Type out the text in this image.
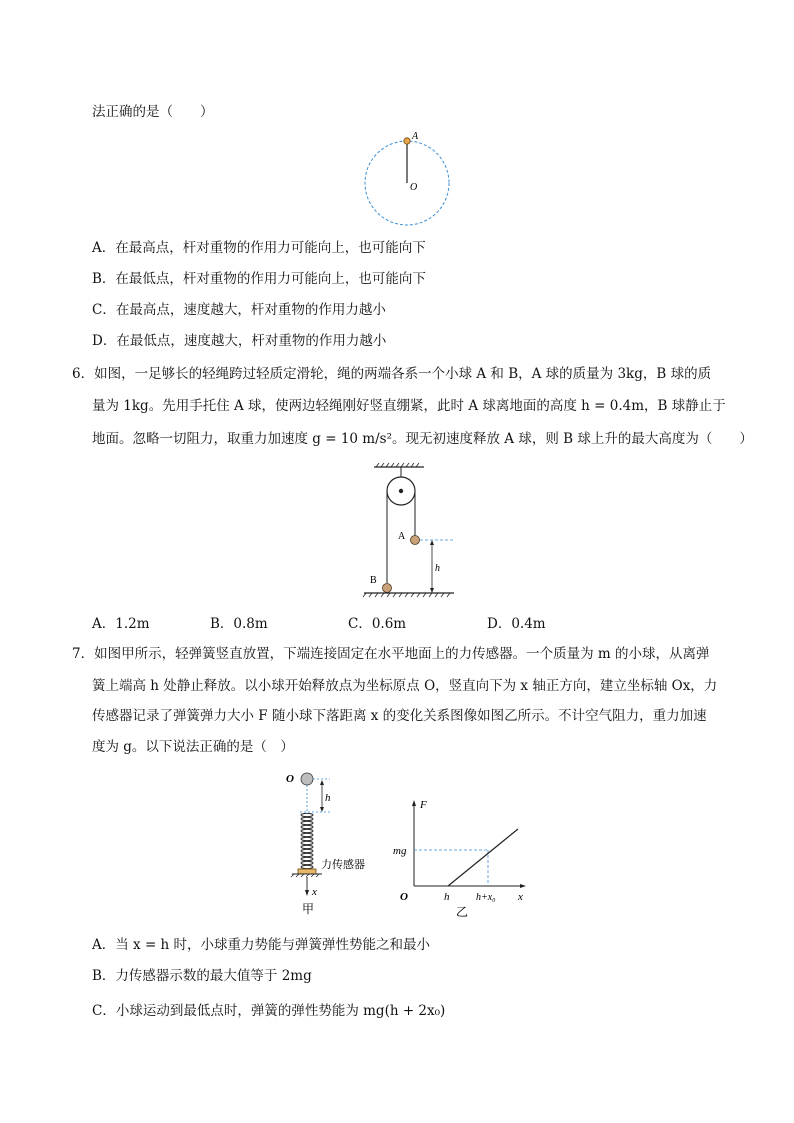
法正确的是（　　）
A
O
A．在最高点，杆对重物的作用力可能向上，也可能向下
B．在最低点，杆对重物的作用力可能向上，也可能向下
C．在最高点，速度越大，杆对重物的作用力越小
D．在最低点，速度越大，杆对重物的作用力越小
6．如图，一足够长的轻绳跨过轻质定滑轮，绳的两端各系一个小球 A 和 B，A 球的质量为 3kg，B 球的质
量为 1kg。先用手托住 A 球，使两边轻绳刚好竖直绷紧，此时 A 球离地面的高度 h = 0.4m，B 球静止于
地面。忽略一切阻力，取重力加速度 g = 10 m/s²。现无初速度释放 A 球，则 B 球上升的最大高度为（　　）
A
B
h
A．1.2m	B．0.8m	C．0.6m	D．0.4m
7．如图甲所示，轻弹簧竖直放置，下端连接固定在水平地面上的力传感器。一个质量为 m 的小球，从离弹
簧上端高 h 处静止释放。以小球开始释放点为坐标原点 O，竖直向下为 x 轴正方向，建立坐标轴 Ox，力
传感器记录了弹簧弹力大小 F 随小球下落距离 x 的变化关系图像如图乙所示。不计空气阻力，重力加速
度为 g。以下说法正确的是（　）
O
h
力传感器
x
甲
F
x
O
mg
h	h+x₀
乙
A．当 x = h 时，小球重力势能与弹簧弹性势能之和最小
B．力传感器示数的最大值等于 2mg
C．小球运动到最低点时，弹簧的弹性势能为 mg(h + 2x₀)
